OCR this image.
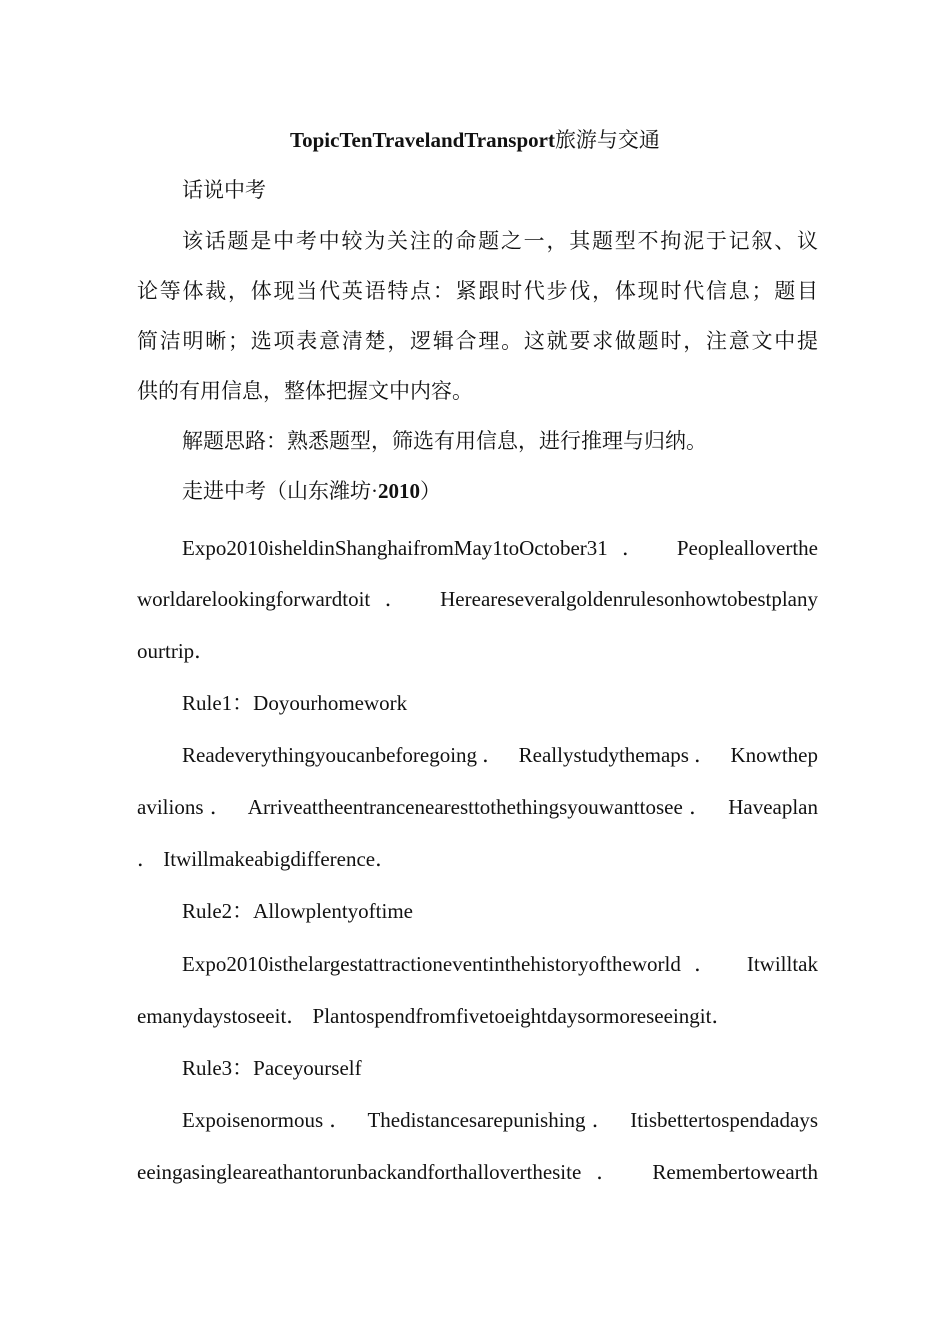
TopicTenTravelandTransport旅游与交通
话说中考
该话题是中考中较为关注的命题之一，其题型不拘泥于记叙、议
论等体裁，体现当代英语特点：紧跟时代步伐，体现时代信息；题目
简洁明晰；选项表意清楚，逻辑合理。这就要求做题时，注意文中提
供的有用信息，整体把握文中内容。
解题思路：熟悉题型，筛选有用信息，进行推理与归纳。
走进中考（山东潍坊·2010）
Expo2010isheldinShanghaifromMay1toOctober31． Peoplealloverthe
worldarelookingforwardtoit． Hereareseveralgoldenrulesonhowtobestplany
ourtrip．
Rule1：Doyourhomework
Readeverythingyoucanbeforegoing． Reallystudythemaps． Knowthep
avilions． Arriveattheentrancenearesttothethingsyouwanttosee． Haveaplan
． Itwillmakeabigdifference．
Rule2：Allowplentyoftime
Expo2010isthelargestattractioneventinthehistoryoftheworld． Itwilltak
emanydaystoseeit． Plantospendfromfivetoeightdaysormoreseeingit．
Rule3：Paceyourself
Expoisenormous． Thedistancesarepunishing． Itisbettertospendadays
eeingasingleareathantorunbackandforthalloverthesite． Remembertowearth
